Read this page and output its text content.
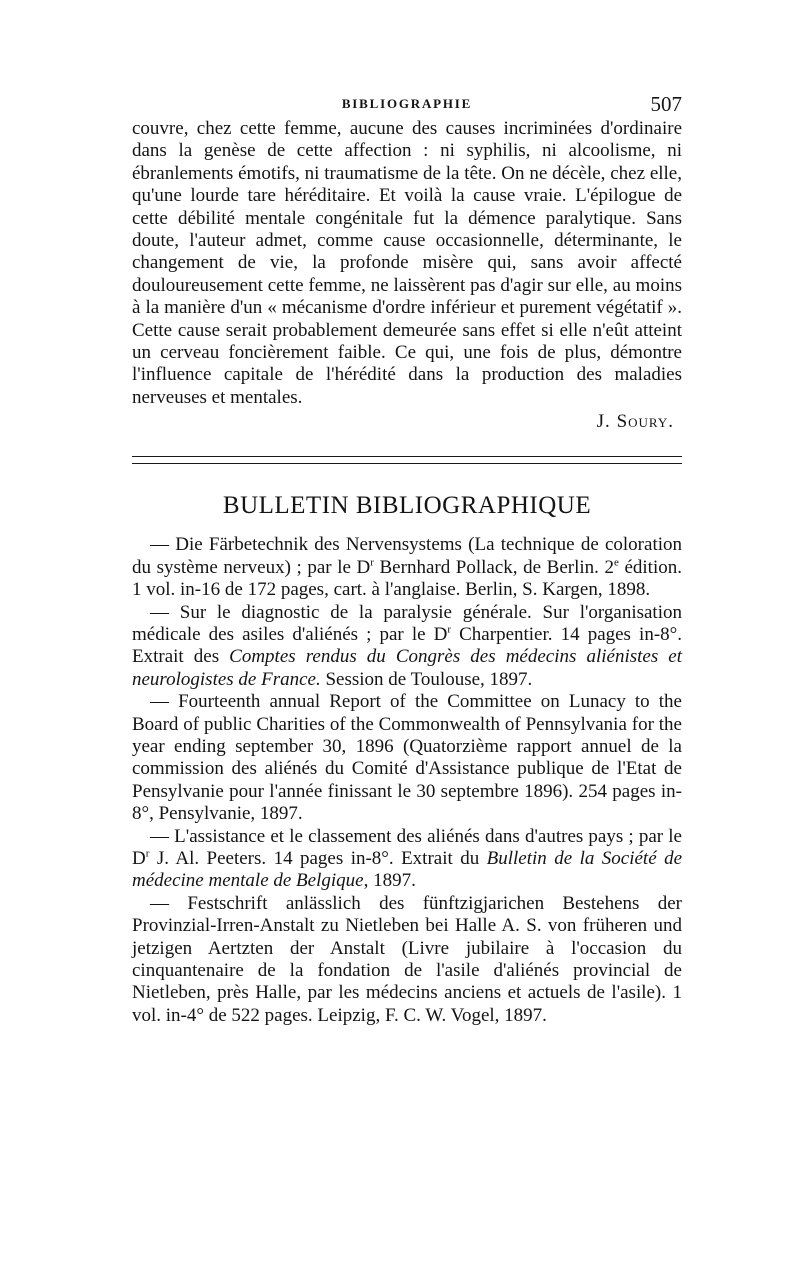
BIBLIOGRAPHIE	507

couvre, chez cette femme, aucune des causes incriminées d'ordinaire dans la genèse de cette affection : ni syphilis, ni alcoolisme, ni ébranlements émotifs, ni traumatisme de la tête. On ne décèle, chez elle, qu'une lourde tare héréditaire. Et voilà la cause vraie. L'épilogue de cette débilité mentale congénitale fut la démence paralytique. Sans doute, l'auteur admet, comme cause occasionnelle, déterminante, le changement de vie, la profonde misère qui, sans avoir affecté douloureusement cette femme, ne laissèrent pas d'agir sur elle, au moins à la manière d'un « mécanisme d'ordre inférieur et purement végétatif ». Cette cause serait probablement demeurée sans effet si elle n'eût atteint un cerveau foncièrement faible. Ce qui, une fois de plus, démontre l'influence capitale de l'hérédité dans la production des maladies nerveuses et mentales.

J. Soury.
BULLETIN BIBLIOGRAPHIQUE

— Die Färbetechnik des Nervensystems (La technique de coloration du système nerveux) ; par le $D^r$ Bernhard Pollack, de Berlin. 2e édition. 1 vol. in-16 de 172 pages, cart. à l'anglaise. Berlin, S. Kargen, 1898.

— Sur le diagnostic de la paralysie générale. Sur l'organisation médicale des asiles d'aliénés ; par le $D^r$ Charpentier. 14 pages in-8°. Extrait des Comptes rendus du Congrès des médecins aliénistes et neurologistes de France. Session de Toulouse, 1897.

— Fourteenth annual Report of the Committee on Lunacy to the Board of public Charities of the Commonwealth of Pennsylvania for the year ending september 30, 1896 (Quatorzième rapport annuel de la commission des aliénés du Comité d'Assistance publique de l'Etat de Pensylvanie pour l'année finissant le 30 septembre 1896). 254 pages in-8°, Pensylvanie, 1897.

— L'assistance et le classement des aliénés dans d'autres pays ; par le $D^r$ J. Al. Peeters. 14 pages in-8°. Extrait du Bulletin de la Société de médecine mentale de Belgique, 1897.

— Festschrift anlässlich des fünftzigjarichen Bestehens der Provinzial-Irren-Anstalt zu Nietleben bei Halle A. S. von früheren und jetzigen Aertzten der Anstalt (Livre jubilaire à l'occasion du cinquantenaire de la fondation de l'asile d'aliénés provincial de Nietleben, près Halle, par les médecins anciens et actuels de l'asile). 1 vol. in-4° de 522 pages. Leipzig, F. C. W. Vogel, 1897.
